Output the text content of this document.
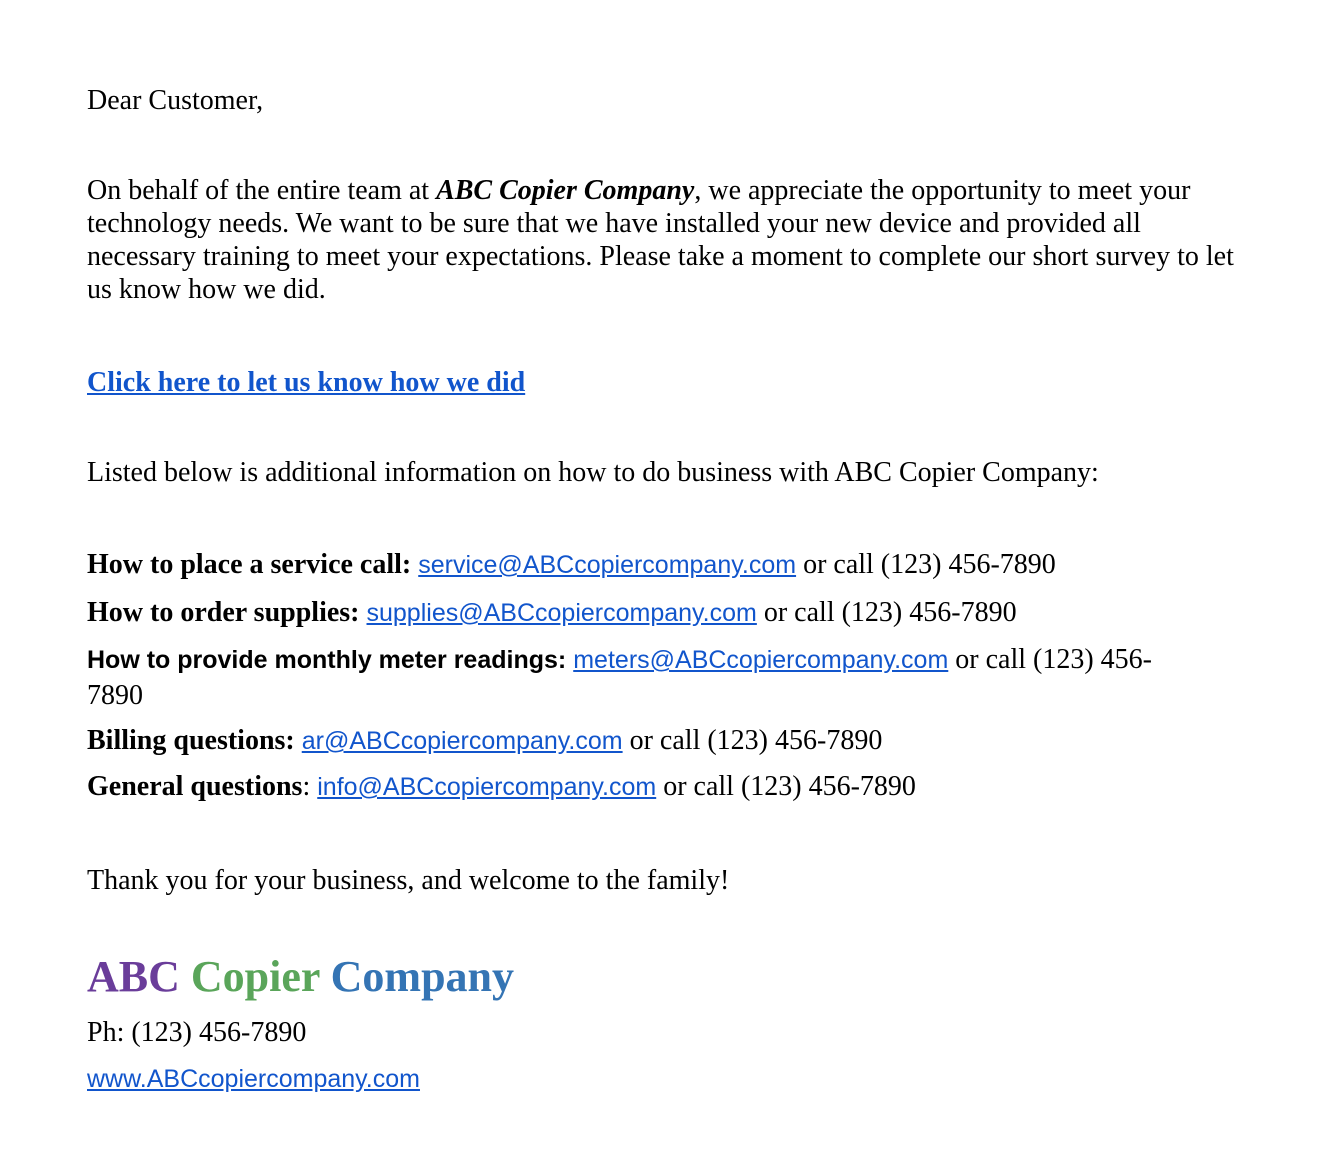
Dear Customer,
On behalf of the entire team at ABC Copier Company, we appreciate the opportunity to meet your technology needs. We want to be sure that we have installed your new device and provided all necessary training to meet your expectations. Please take a moment to complete our short survey to let us know how we did.
Click here to let us know how we did
Listed below is additional information on how to do business with ABC Copier Company:
How to place a service call: service@ABCcopiercompany.com or call (123) 456-7890
How to order supplies: supplies@ABCcopiercompany.com or call (123) 456-7890
How to provide monthly meter readings: meters@ABCcopiercompany.com or call (123) 456-7890
Billing questions: ar@ABCcopiercompany.com or call (123) 456-7890
General questions: info@ABCcopiercompany.com or call (123) 456-7890
Thank you for your business, and welcome to the family!
ABC Copier Company
Ph: (123) 456-7890
www.ABCcopiercompany.com
